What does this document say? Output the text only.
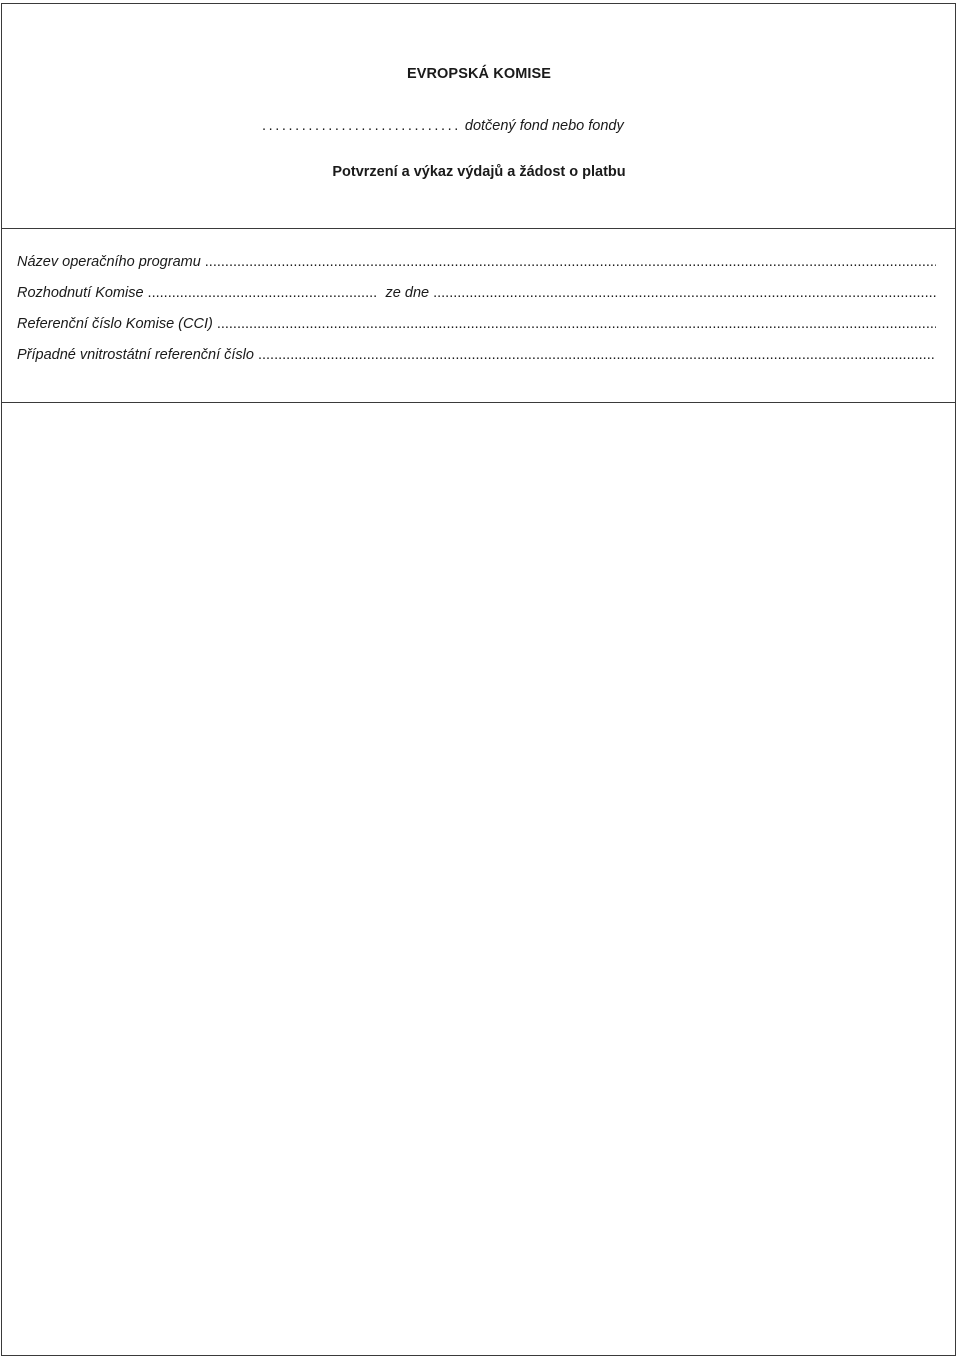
EVROPSKÁ KOMISE
.............................. dotčený fond nebo fondy
Potvrzení a výkaz výdajů a žádost o platbu
Název operačního programu
.....
Rozhodnutí Komise
.....	ze dne
.....
Referenční číslo Komise (CCI)
.....
Případné vnitrostátní referenční číslo
.....
